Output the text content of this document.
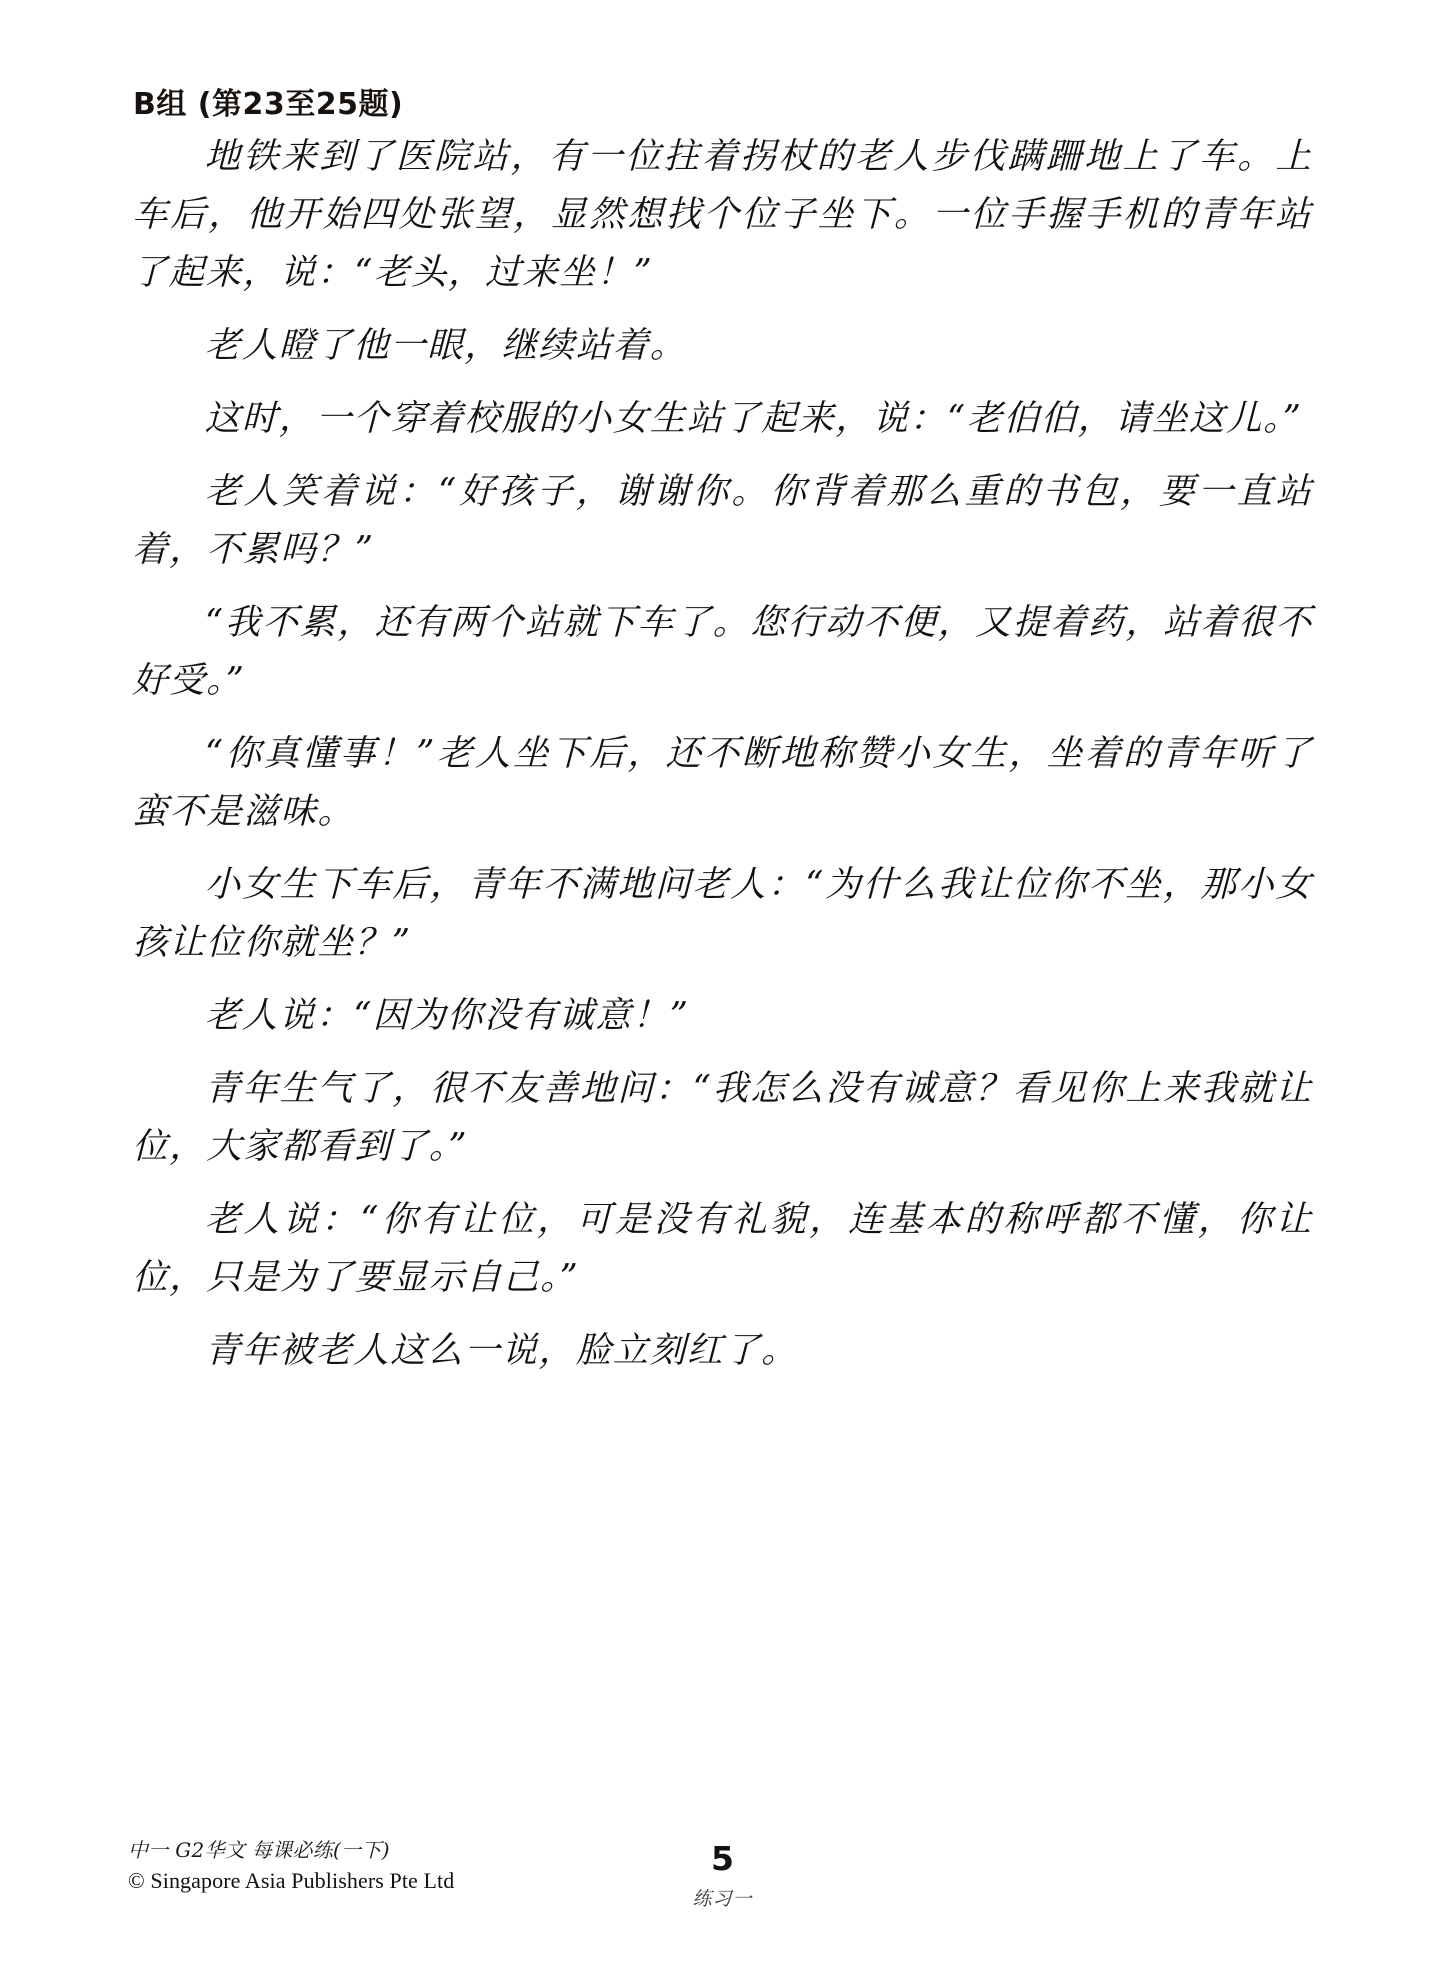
B组 (第23至25题)

地铁来到了医院站，有一位拄着拐杖的老人步伐蹒跚地上了车。上车后，他开始四处张望，显然想找个位子坐下。一位手握手机的青年站了起来，说：“老头，过来坐！”

老人瞪了他一眼，继续站着。

这时，一个穿着校服的小女生站了起来，说：“老伯伯，请坐这儿。”

老人笑着说：“好孩子，谢谢你。你背着那么重的书包，要一直站着，不累吗？”

“我不累，还有两个站就下车了。您行动不便，又提着药，站着很不好受。”

“你真懂事！”老人坐下后，还不断地称赞小女生，坐着的青年听了蛮不是滋味。

小女生下车后，青年不满地问老人：“为什么我让位你不坐，那小女孩让位你就坐？”

老人说：“因为你没有诚意！”

青年生气了，很不友善地问：“我怎么没有诚意？看见你上来我就让位，大家都看到了。”

老人说：“你有让位，可是没有礼貌，连基本的称呼都不懂，你让位，只是为了要显示自己。”

青年被老人这么一说，脸立刻红了。

中一 G2华文 每课必练(一下)
© Singapore Asia Publishers Pte Ltd
5
练习一
